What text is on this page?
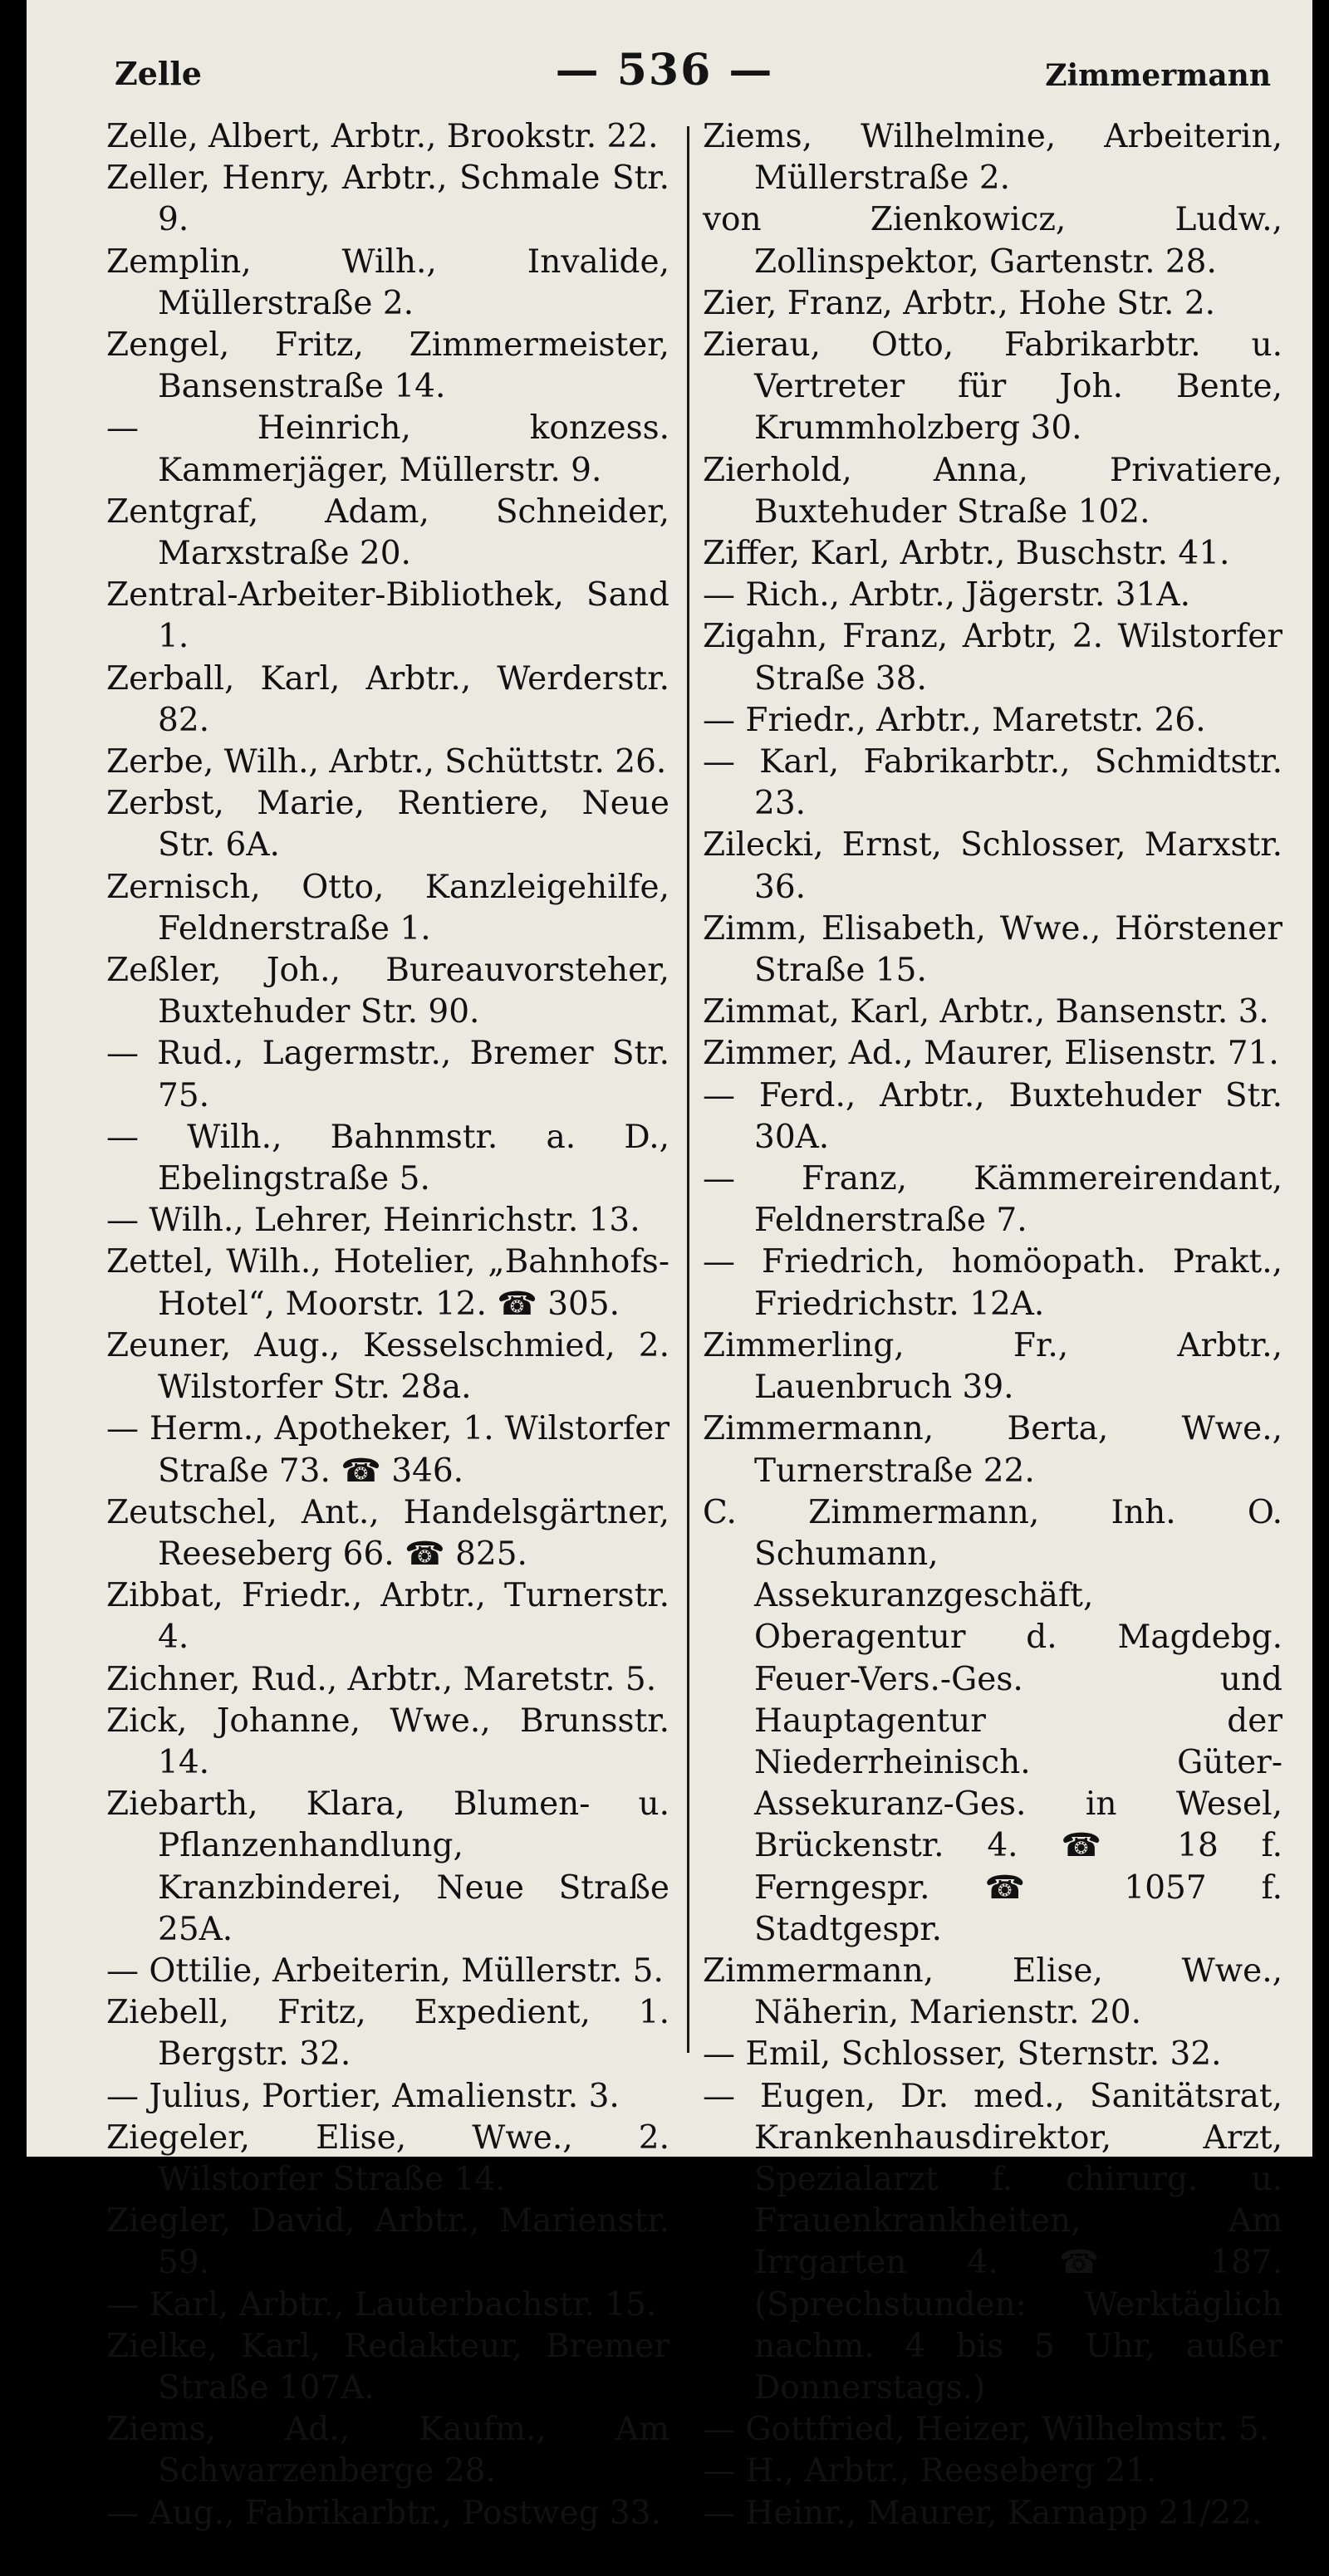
Zelle	— 536 —	Zimmermann
Zelle, Albert, Arbtr., Brookstr. 22.
Zeller, Henry, Arbtr., Schmale Str. 9.
Zemplin, Wilh., Invalide, Müllerstraße 2.
Zengel, Fritz, Zimmermeister, Bansenstraße 14.
— Heinrich, konzess. Kammerjäger, Müllerstr. 9.
Zentgraf, Adam, Schneider, Marxstraße 20.
Zentral-Arbeiter-Bibliothek, Sand 1.
Zerball, Karl, Arbtr., Werderstr. 82.
Zerbe, Wilh., Arbtr., Schüttstr. 26.
Zerbst, Marie, Rentiere, Neue Str. 6A.
Zernisch, Otto, Kanzleigehilfe, Feldnerstraße 1.
Zeßler, Joh., Bureauvorsteher, Buxtehuder Str. 90.
— Rud., Lagermstr., Bremer Str. 75.
— Wilh., Bahnmstr. a. D., Ebelingstraße 5.
— Wilh., Lehrer, Heinrichstr. 13.
Zettel, Wilh., Hotelier, „Bahnhofs-Hotel“, Moorstr. 12. ☎ 305.
Zeuner, Aug., Kesselschmied, 2. Wilstorfer Str. 28a.
— Herm., Apotheker, 1. Wilstorfer Straße 73. ☎ 346.
Zeutschel, Ant., Handelsgärtner, Reeseberg 66. ☎ 825.
Zibbat, Friedr., Arbtr., Turnerstr. 4.
Zichner, Rud., Arbtr., Maretstr. 5.
Zick, Johanne, Wwe., Brunsstr. 14.
Ziebarth, Klara, Blumen- u. Pflanzenhandlung, Kranzbinderei, Neue Straße 25A.
— Ottilie, Arbeiterin, Müllerstr. 5.
Ziebell, Fritz, Expedient, 1. Bergstr. 32.
— Julius, Portier, Amalienstr. 3.
Ziegeler, Elise, Wwe., 2. Wilstorfer Straße 14.
Ziegler, David, Arbtr., Marienstr. 59.
— Karl, Arbtr., Lauterbachstr. 15.
Zielke, Karl, Redakteur, Bremer Straße 107A.
Ziems, Ad., Kaufm., Am Schwarzenberge 28.
— Aug., Fabrikarbtr., Postweg 33.
Ziems, Wilhelmine, Arbeiterin, Müllerstraße 2.
von Zienkowicz, Ludw., Zollinspektor, Gartenstr. 28.
Zier, Franz, Arbtr., Hohe Str. 2.
Zierau, Otto, Fabrikarbtr. u. Vertreter für Joh. Bente, Krummholzberg 30.
Zierhold, Anna, Privatiere, Buxtehuder Straße 102.
Ziffer, Karl, Arbtr., Buschstr. 41.
— Rich., Arbtr., Jägerstr. 31A.
Zigahn, Franz, Arbtr, 2. Wilstorfer Straße 38.
— Friedr., Arbtr., Maretstr. 26.
— Karl, Fabrikarbtr., Schmidtstr. 23.
Zilecki, Ernst, Schlosser, Marxstr. 36.
Zimm, Elisabeth, Wwe., Hörstener Straße 15.
Zimmat, Karl, Arbtr., Bansenstr. 3.
Zimmer, Ad., Maurer, Elisenstr. 71.
— Ferd., Arbtr., Buxtehuder Str. 30A.
— Franz, Kämmereirendant, Feldnerstraße 7.
— Friedrich, homöopath. Prakt., Friedrichstr. 12A.
Zimmerling, Fr., Arbtr., Lauenbruch 39.
Zimmermann, Berta, Wwe., Turnerstraße 22.
C. Zimmermann, Inh. O. Schumann, Assekuranzgeschäft, Oberagentur d. Magdebg. Feuer-Vers.-Ges. und Hauptagentur der Niederrheinisch. Güter-Assekuranz-Ges. in Wesel, Brückenstr. 4. ☎ 18 f. Ferngespr. ☎ 1057 f. Stadtgespr.
Zimmermann, Elise, Wwe., Näherin, Marienstr. 20.
— Emil, Schlosser, Sternstr. 32.
— Eugen, Dr. med., Sanitätsrat, Krankenhausdirektor, Arzt, Spezialarzt f. chirurg. u. Frauenkrankheiten, Am Irrgarten 4. ☎ 187. (Sprechstunden: Werktäglich nachm. 4 bis 5 Uhr, außer Donnerstags.)
— Gottfried, Heizer, Wilhelmstr. 5.
— H., Arbtr., Reeseberg 21.
— Heinr., Maurer, Karnapp 21/22.
